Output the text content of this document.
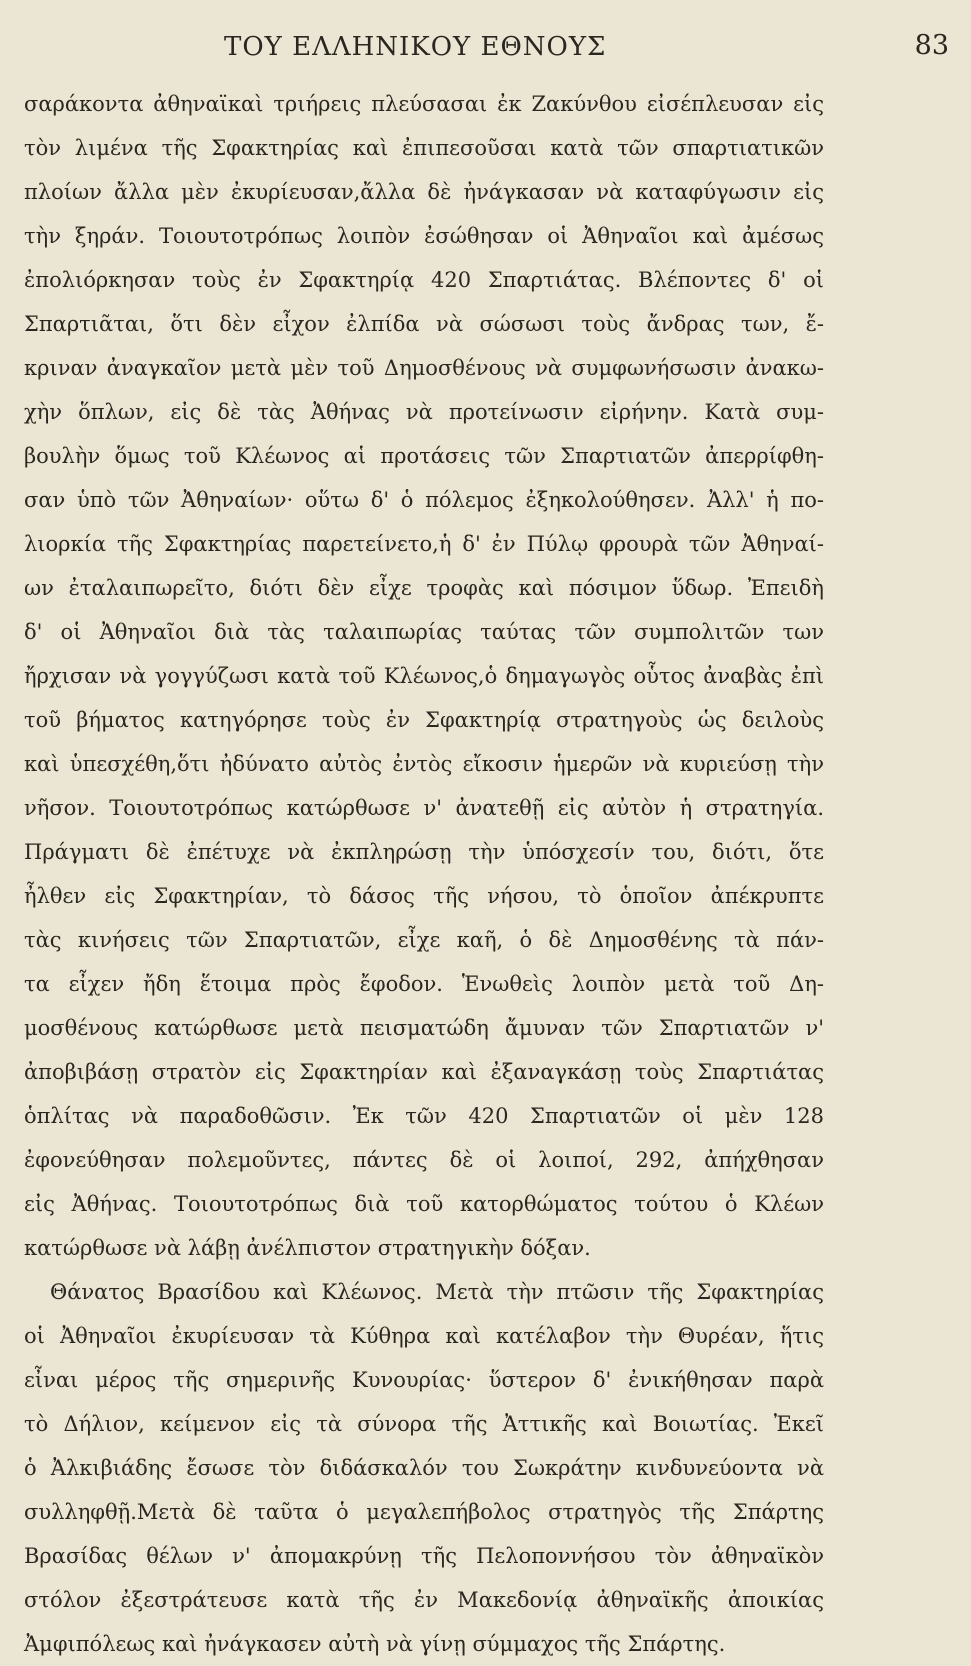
ΤΟΥ ΕΛΛΗΝΙΚΟΥ ΕΘΝΟΥΣ	83
σαράκοντα ἀθηναϊκαὶ τριήρεις πλεύσασαι ἐκ Ζακύνθου εἰσέπλευσαν εἰς
τὸν λιμένα τῆς Σφακτηρίας καὶ ἐπιπεσοῦσαι κατὰ τῶν σπαρτιατικῶν
πλοίων ἄλλα μὲν ἐκυρίευσαν,ἄλλα δὲ ἠνάγκασαν νὰ καταφύγωσιν εἰς
τὴν ξηράν. Τοιουτοτρόπως λοιπὸν ἐσώθησαν οἱ Ἀθηναῖοι καὶ ἀμέσως
ἐπολιόρκησαν τοὺς ἐν Σφακτηρίᾳ 420 Σπαρτιάτας. Βλέποντες δ' οἱ
Σπαρτιᾶται, ὅτι δὲν εἶχον ἐλπίδα νὰ σώσωσι τοὺς ἄνδρας των, ἔ-
κριναν ἀναγκαῖον μετὰ μὲν τοῦ Δημοσθένους νὰ συμφωνήσωσιν ἀνακω-
χὴν ὅπλων, εἰς δὲ τὰς Ἀθήνας νὰ προτείνωσιν εἰρήνην. Κατὰ συμ-
βουλὴν ὅμως τοῦ Κλέωνος αἱ προτάσεις τῶν Σπαρτιατῶν ἀπερρίφθη-
σαν ὑπὸ τῶν Ἀθηναίων· οὕτω δ' ὁ πόλεμος ἐξηκολούθησεν. Ἀλλ' ἡ πο-
λιορκία τῆς Σφακτηρίας παρετείνετο,ἡ δ' ἐν Πύλῳ φρουρὰ τῶν Ἀθηναί-
ων ἐταλαιπωρεῖτο, διότι δὲν εἶχε τροφὰς καὶ πόσιμον ὕδωρ. Ἐπειδὴ
δ' οἱ Ἀθηναῖοι διὰ τὰς ταλαιπωρίας ταύτας τῶν συμπολιτῶν των
ἤρχισαν νὰ γογγύζωσι κατὰ τοῦ Κλέωνος,ὁ δημαγωγὸς οὗτος ἀναβὰς ἐπὶ
τοῦ βήματος κατηγόρησε τοὺς ἐν Σφακτηρίᾳ στρατηγοὺς ὡς δειλοὺς
καὶ ὑπεσχέθη,ὅτι ἠδύνατο αὐτὸς ἐντὸς εἴκοσιν ἡμερῶν νὰ κυριεύσῃ τὴν
νῆσον. Τοιουτοτρόπως κατώρθωσε ν' ἀνατεθῇ εἰς αὐτὸν ἡ στρατηγία.
Πράγματι δὲ ἐπέτυχε νὰ ἐκπληρώσῃ τὴν ὑπόσχεσίν του, διότι, ὅτε
ἦλθεν εἰς Σφακτηρίαν, τὸ δάσος τῆς νήσου, τὸ ὁποῖον ἀπέκρυπτε
τὰς κινήσεις τῶν Σπαρτιατῶν, εἶχε καῆ, ὁ δὲ Δημοσθένης τὰ πάν-
τα εἶχεν ἤδη ἕτοιμα πρὸς ἔφοδον. Ἑνωθεὶς λοιπὸν μετὰ τοῦ Δη-
μοσθένους κατώρθωσε μετὰ πεισματώδη ἄμυναν τῶν Σπαρτιατῶν ν'
ἀποβιβάσῃ στρατὸν εἰς Σφακτηρίαν καὶ ἐξαναγκάσῃ τοὺς Σπαρτιάτας
ὁπλίτας νὰ παραδοθῶσιν. Ἐκ τῶν 420 Σπαρτιατῶν οἱ μὲν 128
ἐφονεύθησαν πολεμοῦντες, πάντες δὲ οἱ λοιποί, 292, ἀπήχθησαν
εἰς Ἀθήνας. Τοιουτοτρόπως διὰ τοῦ κατορθώματος τούτου ὁ Κλέων
κατώρθωσε νὰ λάβῃ ἀνέλπιστον στρατηγικὴν δόξαν.
Θάνατος Βρασίδου καὶ Κλέωνος. Μετὰ τὴν πτῶσιν τῆς Σφακτηρίας
οἱ Ἀθηναῖοι ἐκυρίευσαν τὰ Κύθηρα καὶ κατέλαβον τὴν Θυρέαν, ἥτις
εἶναι μέρος τῆς σημερινῆς Κυνουρίας· ὕστερον δ' ἐνικήθησαν παρὰ
τὸ Δήλιον, κείμενον εἰς τὰ σύνορα τῆς Ἀττικῆς καὶ Βοιωτίας. Ἐκεῖ
ὁ Ἀλκιβιάδης ἔσωσε τὸν διδάσκαλόν του Σωκράτην κινδυνεύοντα νὰ
συλληφθῇ.Μετὰ δὲ ταῦτα ὁ μεγαλεπήβολος στρατηγὸς τῆς Σπάρτης
Βρασίδας θέλων ν' ἀπομακρύνῃ τῆς Πελοποννήσου τὸν ἀθηναϊκὸν
στόλον ἐξεστράτευσε κατὰ τῆς ἐν Μακεδονίᾳ ἀθηναϊκῆς ἀποικίας
Ἀμφιπόλεως καὶ ἠνάγκασεν αὐτὴ νὰ γίνῃ σύμμαχος τῆς Σπάρτης.
